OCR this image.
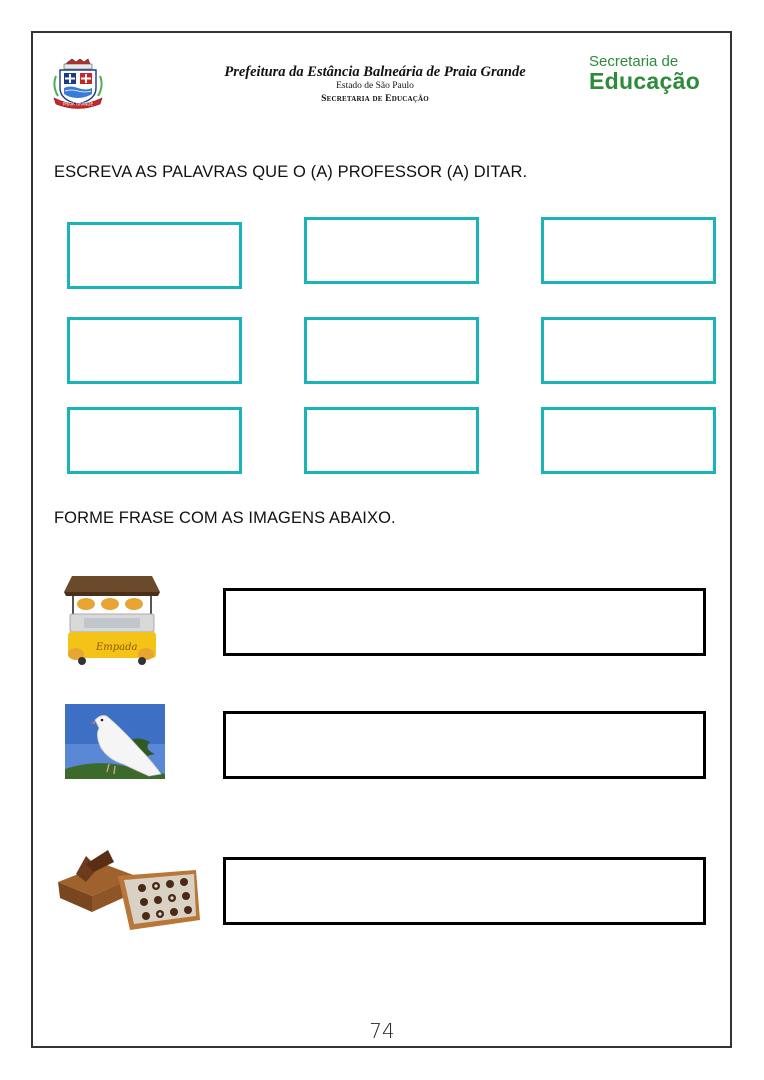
PRAIA GRANDE
Prefeitura da Estância Balneária de Praia Grande
Estado de São Paulo
Secretaria de Educação
Secretaria de
Educação
ESCREVA AS PALAVRAS QUE O (A) PROFESSOR (A) DITAR.
FORME FRASE COM AS IMAGENS ABAIXO.
Empada
74
